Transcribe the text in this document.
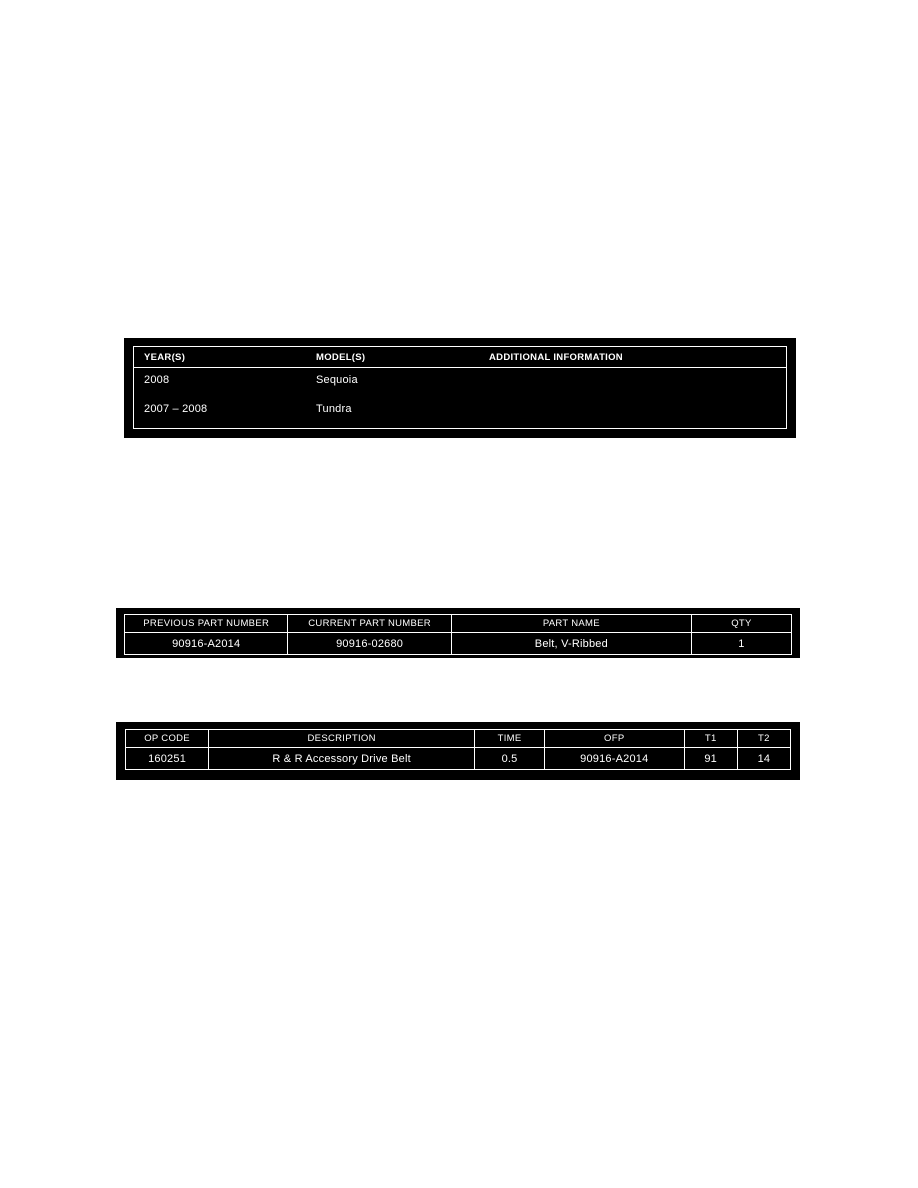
YEAR(S)	MODEL(S)	ADDITIONAL INFORMATION
2008	Sequoia
2007 – 2008	Tundra
PREVIOUS PART NUMBER	CURRENT PART NUMBER	PART NAME	QTY
90916-A2014	90916-02680	Belt, V-Ribbed	1
OP CODE	DESCRIPTION	TIME	OFP	T1	T2
160251	R & R Accessory Drive Belt	0.5	90916-A2014	91	14
